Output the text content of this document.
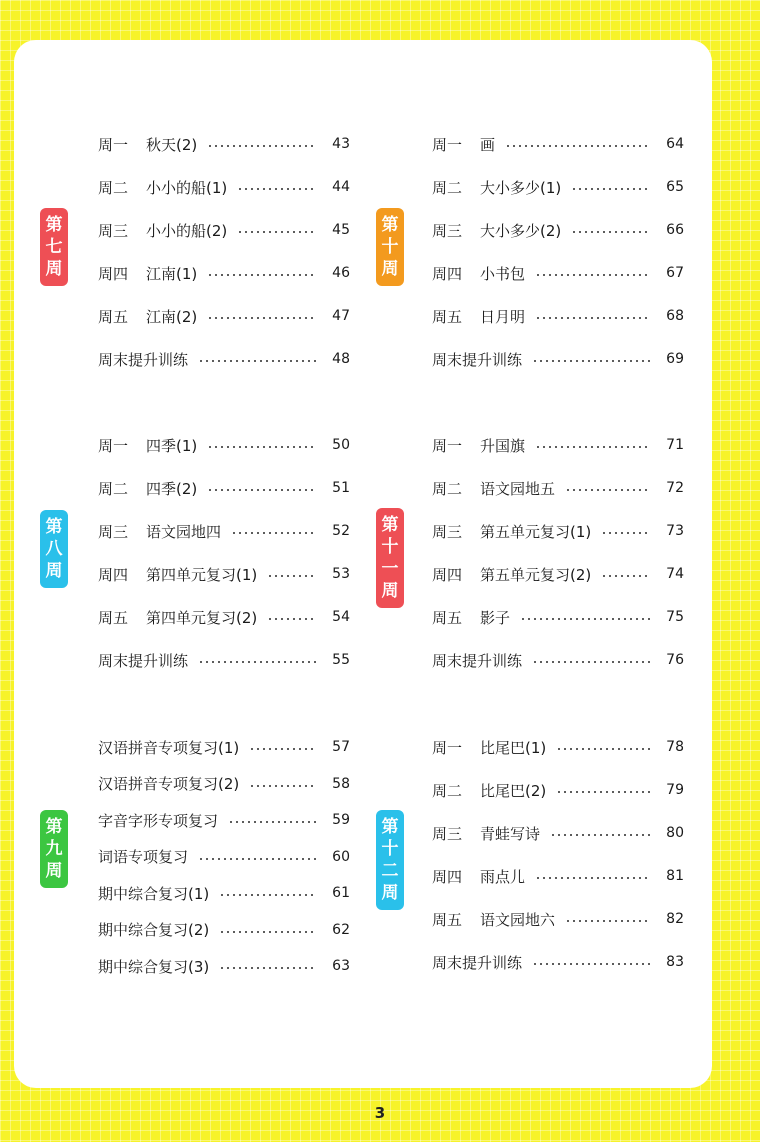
第
七
周
周一	秋天(2)	43
周二	小小的船(1)	44
周三	小小的船(2)	45
周四	江南(1)	46
周五	江南(2)	47
周末提升训练	48
第
十
周
周一	画	64
周二	大小多少(1)	65
周三	大小多少(2)	66
周四	小书包	67
周五	日月明	68
周末提升训练	69
第
八
周
周一	四季(1)	50
周二	四季(2)	51
周三	语文园地四	52
周四	第四单元复习(1)	53
周五	第四单元复习(2)	54
周末提升训练	55
第
十
一
周
周一	升国旗	71
周二	语文园地五	72
周三	第五单元复习(1)	73
周四	第五单元复习(2)	74
周五	影子	75
周末提升训练	76
第
九
周
汉语拼音专项复习(1)	57
汉语拼音专项复习(2)	58
字音字形专项复习	59
词语专项复习	60
期中综合复习(1)	61
期中综合复习(2)	62
期中综合复习(3)	63
第
十
二
周
周一	比尾巴(1)	78
周二	比尾巴(2)	79
周三	青蛙写诗	80
周四	雨点儿	81
周五	语文园地六	82
周末提升训练	83
3
